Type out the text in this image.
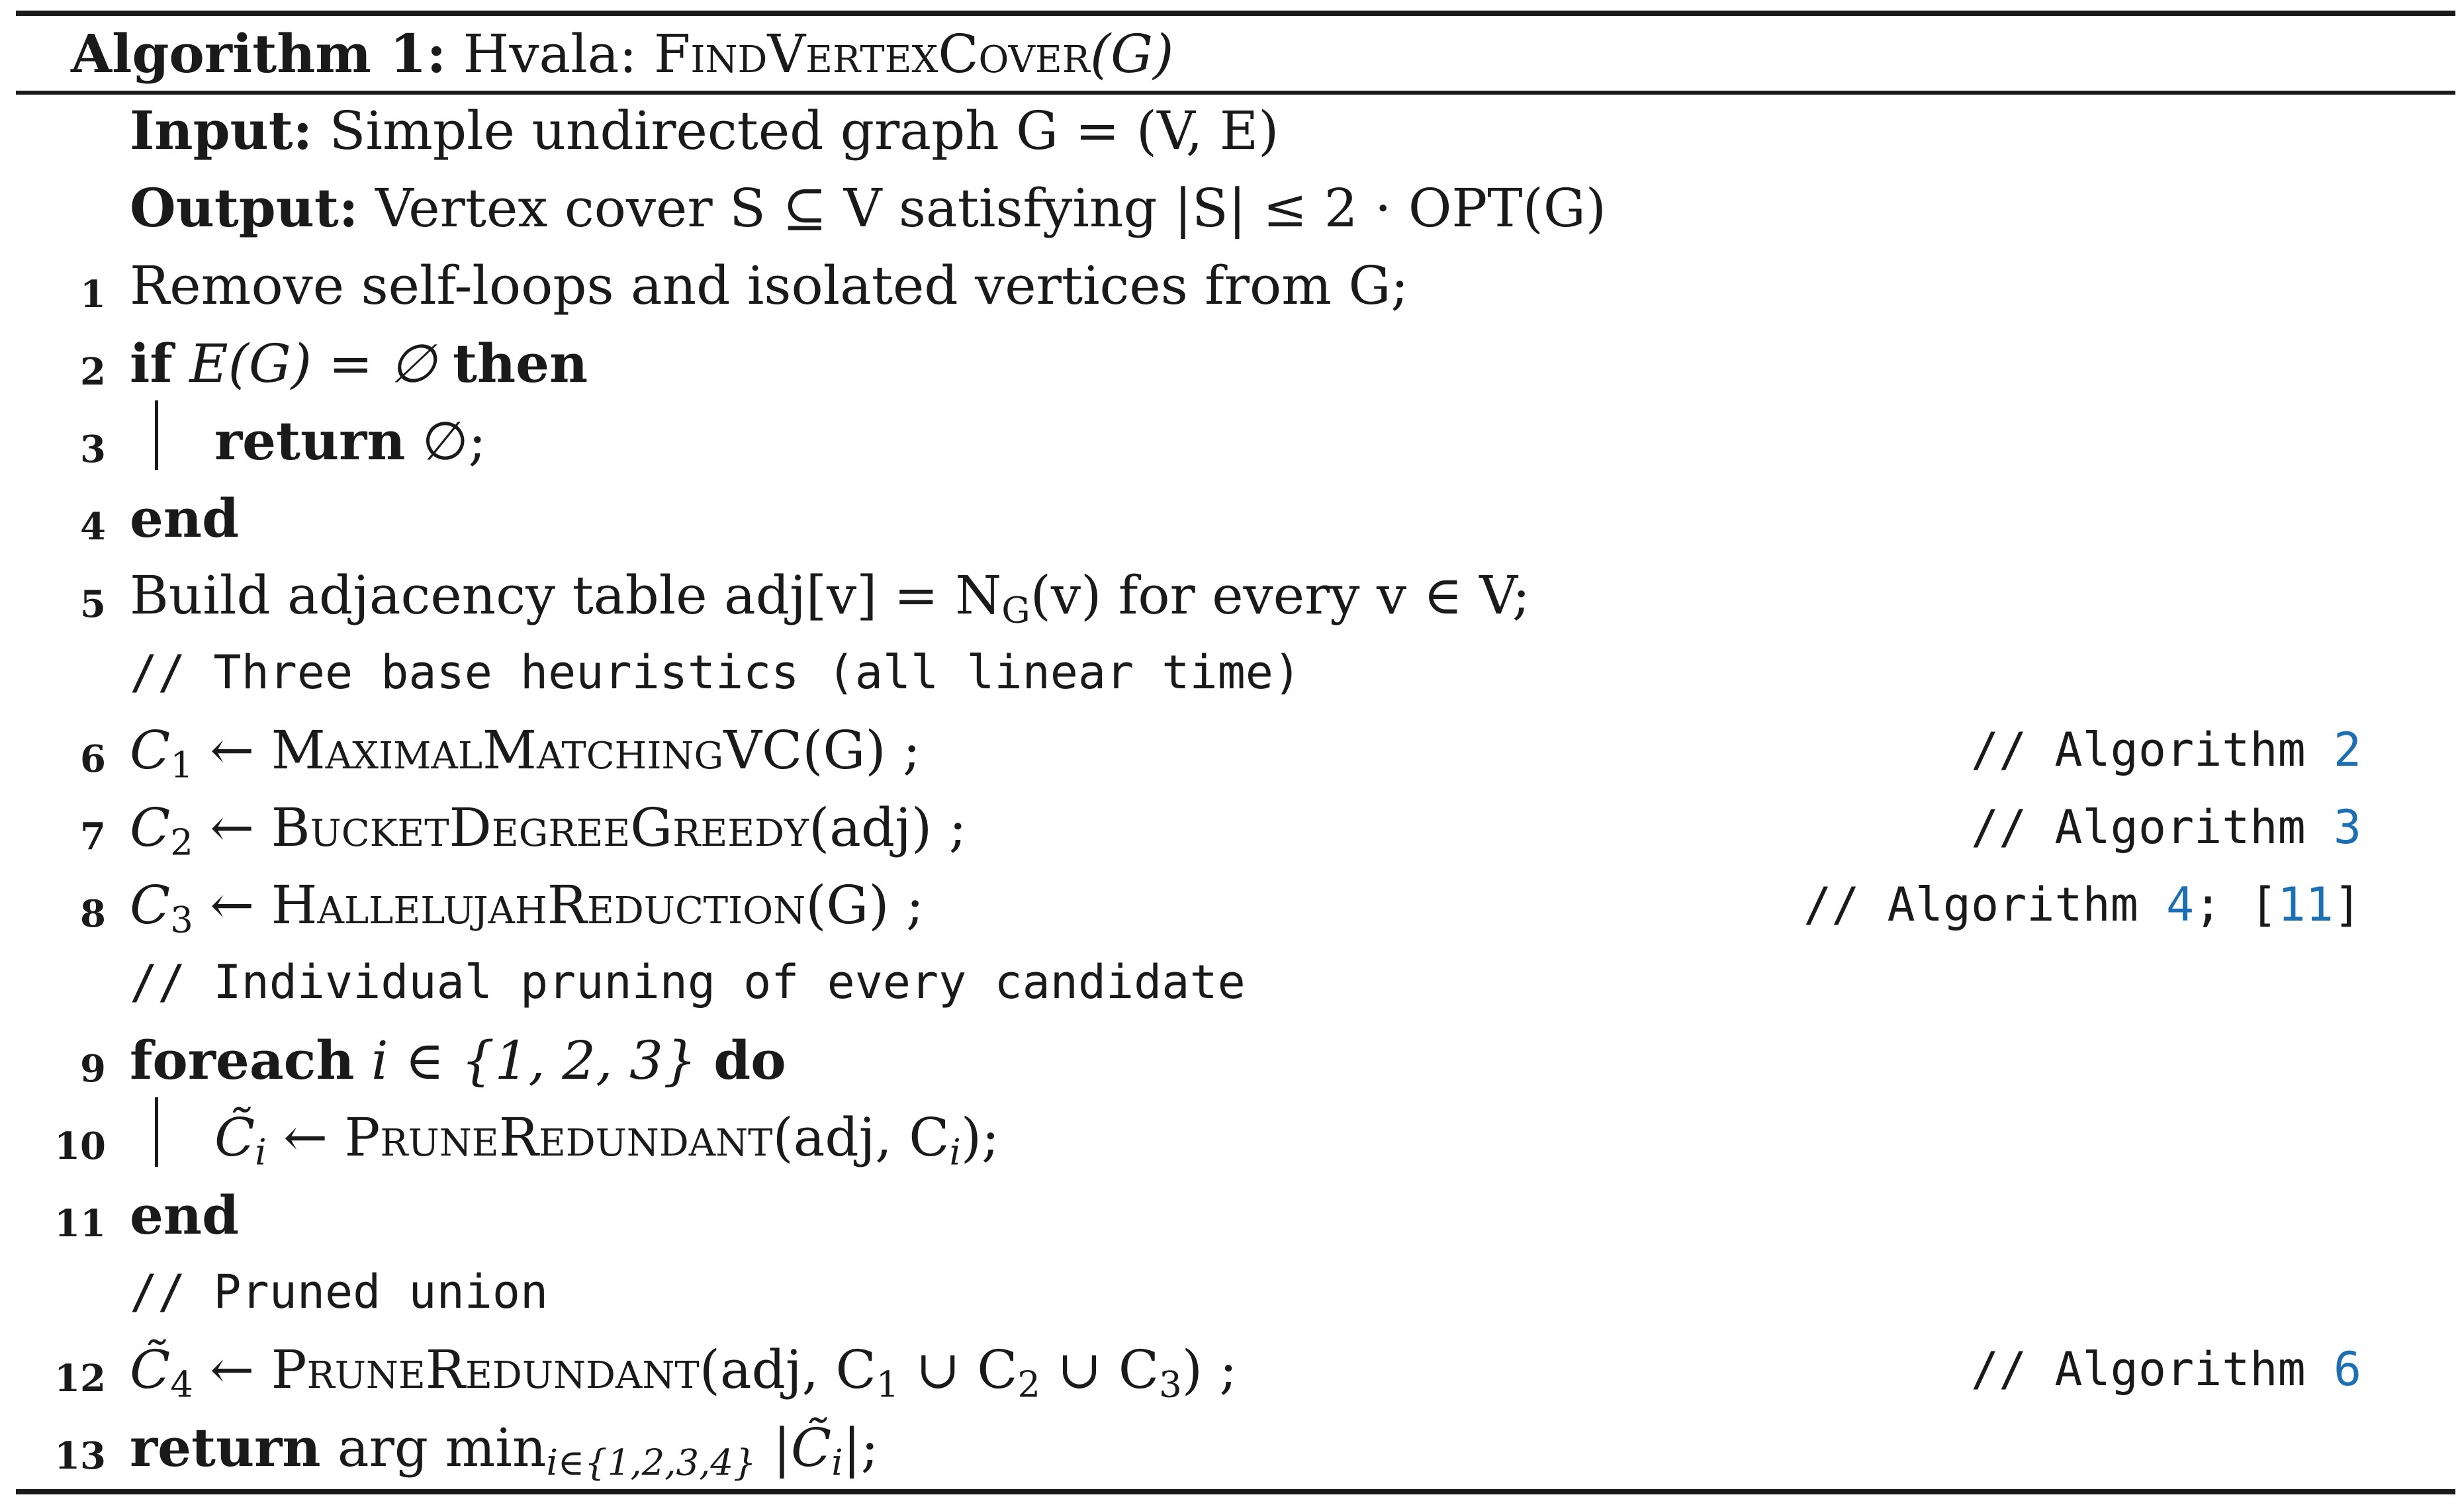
Algorithm 1: Hvala: FindVertexCover(G)
Input: Simple undirected graph G = (V, E)
Output: Vertex cover S ⊆ V satisfying |S| ≤ 2 · OPT(G)
1 Remove self-loops and isolated vertices from G;
2 if E(G) = ∅ then
3 return ∅;
4 end
5 Build adjacency table $adj[v] = N_G(v)$ for every v ∈ V;
// Three base heuristics (all linear time)
6 $C_1$ ← MaximalMatchingVC(G) ;	// Algorithm 2
7 $C_2$ ← BucketDegreeGreedy(adj) ;	// Algorithm 3
8 $C_3$ ← HallelujahReduction(G) ;	// Algorithm 4; [11]
// Individual pruning of every candidate
9 foreach i ∈ {1, 2, 3} do
10 $C̃_i$ ← PruneRedundant(adj, $C_i$);
11 end
// Pruned union
12 $C̃_4$ ← PruneRedundant(adj, $C_1$ ∪ $C_2$ ∪ $C_3$) ;	// Algorithm 6
13 return arg $\min_{i\in\{1,2,3,4\}}$ $|C̃_i|$;
